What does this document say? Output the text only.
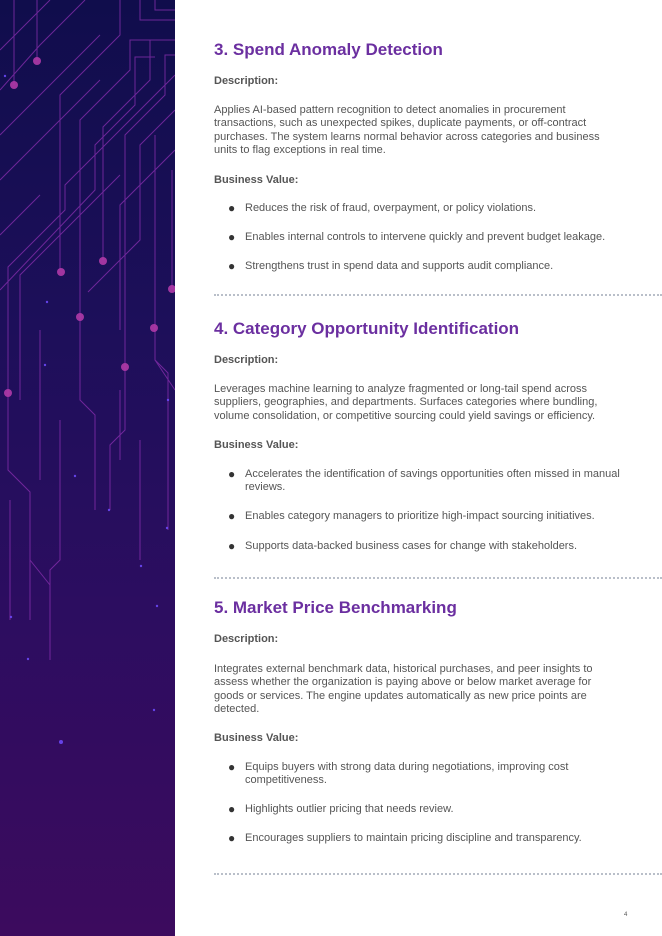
3. Spend Anomaly Detection

Description:

Applies AI-based pattern recognition to detect anomalies in procurement transactions, such as unexpected spikes, duplicate payments, or off-contract purchases. The system learns normal behavior across categories and business units to flag exceptions in real time.

Business Value:

● Reduces the risk of fraud, overpayment, or policy violations.
● Enables internal controls to intervene quickly and prevent budget leakage.
● Strengthens trust in spend data and supports audit compliance.
4. Category Opportunity Identification

Description:

Leverages machine learning to analyze fragmented or long-tail spend across suppliers, geographies, and departments. Surfaces categories where bundling, volume consolidation, or competitive sourcing could yield savings or efficiency.

Business Value:

● Accelerates the identification of savings opportunities often missed in manual reviews.
● Enables category managers to prioritize high-impact sourcing initiatives.
● Supports data-backed business cases for change with stakeholders.
5. Market Price Benchmarking

Description:

Integrates external benchmark data, historical purchases, and peer insights to assess whether the organization is paying above or below market average for goods or services. The engine updates automatically as new price points are detected.

Business Value:

● Equips buyers with strong data during negotiations, improving cost competitiveness.
● Highlights outlier pricing that needs review.
● Encourages suppliers to maintain pricing discipline and transparency.
4
